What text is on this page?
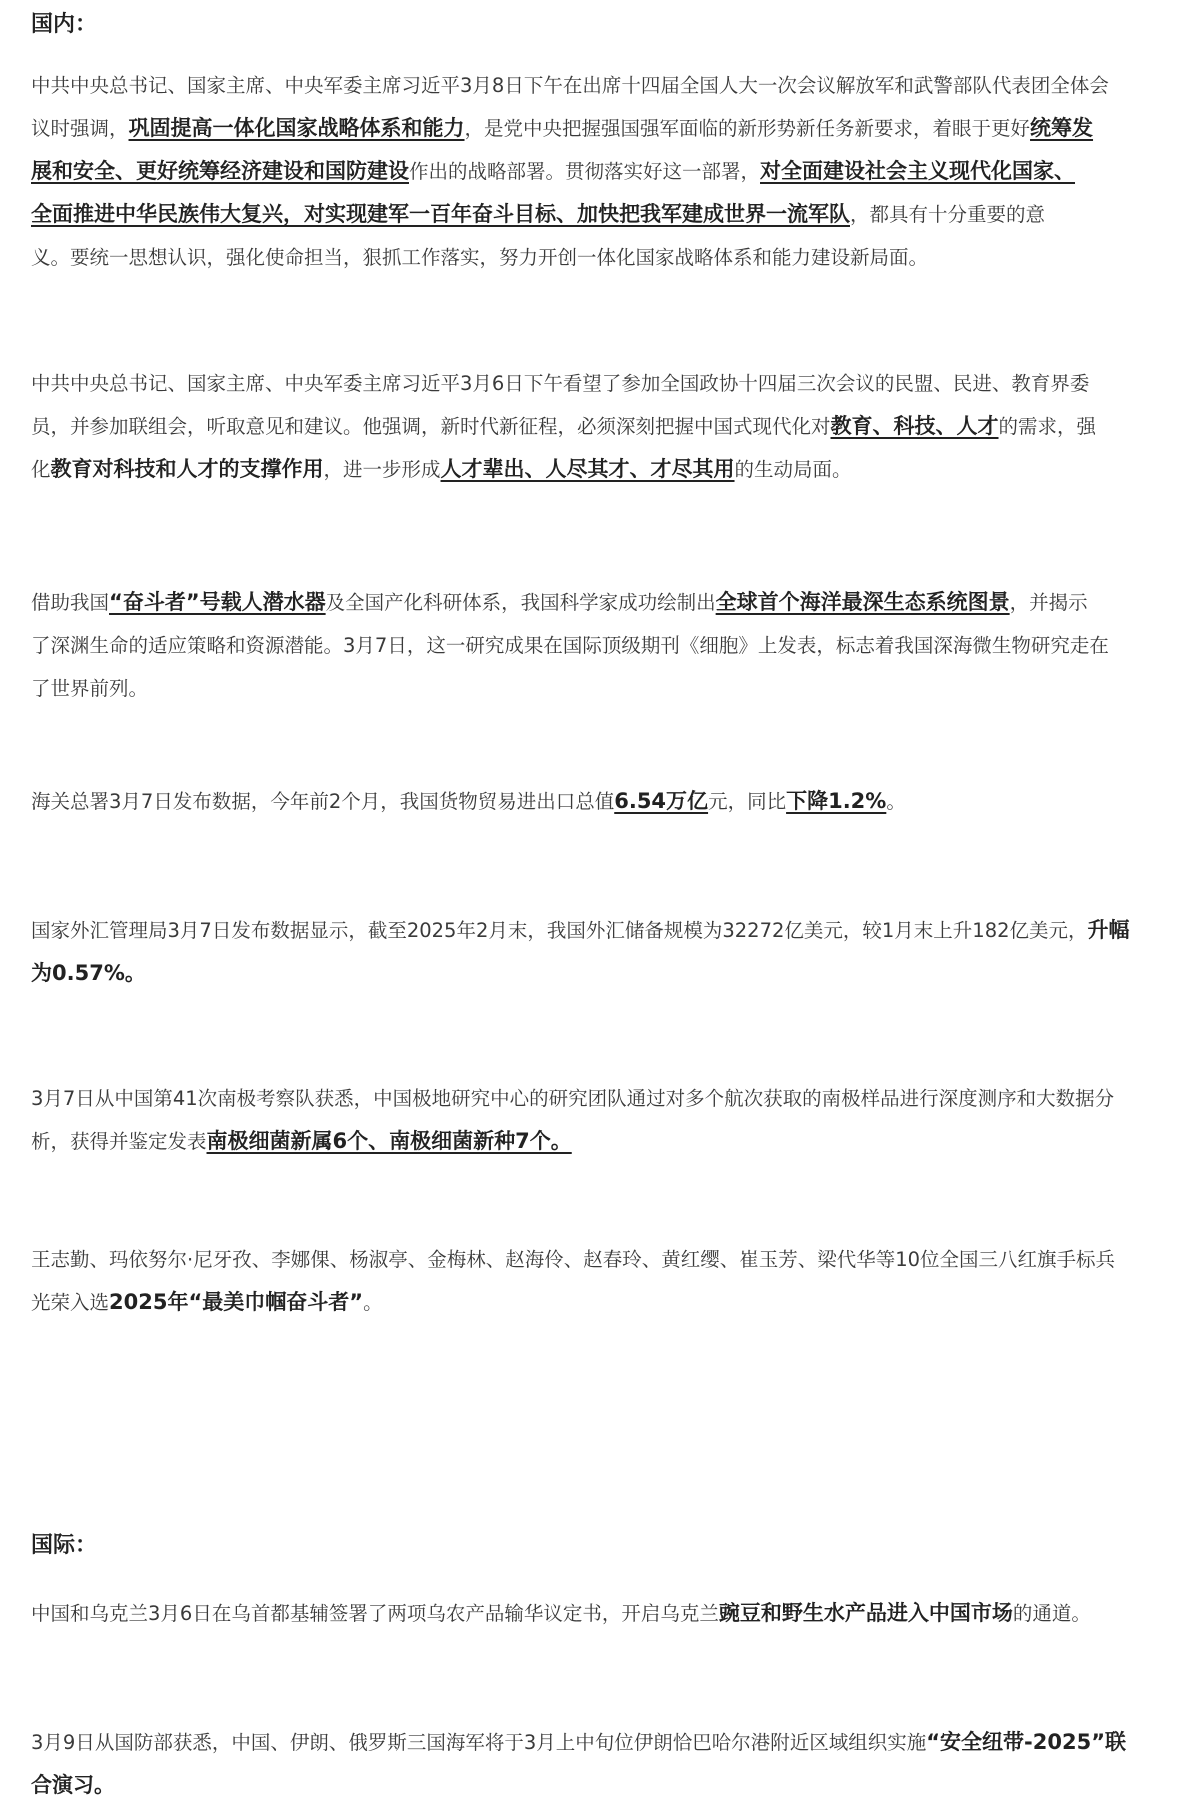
国内：
中共中央总书记、国家主席、中央军委主席习近平3月8日下午在出席十四届全国人大一次会议解放军和武警部队代表团全体会
议时强调，巩固提高一体化国家战略体系和能力，是党中央把握强国强军面临的新形势新任务新要求，着眼于更好统筹发
展和安全、更好统筹经济建设和国防建设作出的战略部署。贯彻落实好这一部署，对全面建设社会主义现代化国家、
全面推进中华民族伟大复兴，对实现建军一百年奋斗目标、加快把我军建成世界一流军队，都具有十分重要的意
义。要统一思想认识，强化使命担当，狠抓工作落实，努力开创一体化国家战略体系和能力建设新局面。
中共中央总书记、国家主席、中央军委主席习近平3月6日下午看望了参加全国政协十四届三次会议的民盟、民进、教育界委
员，并参加联组会，听取意见和建议。他强调，新时代新征程，必须深刻把握中国式现代化对教育、科技、人才的需求，强
化教育对科技和人才的支撑作用，进一步形成人才辈出、人尽其才、才尽其用的生动局面。
借助我国“奋斗者”号载人潜水器及全国产化科研体系，我国科学家成功绘制出全球首个海洋最深生态系统图景，并揭示
了深渊生命的适应策略和资源潜能。3月7日，这一研究成果在国际顶级期刊《细胞》上发表，标志着我国深海微生物研究走在
了世界前列。
海关总署3月7日发布数据，今年前2个月，我国货物贸易进出口总值6.54万亿元，同比下降1.2%。
国家外汇管理局3月7日发布数据显示，截至2025年2月末，我国外汇储备规模为32272亿美元，较1月末上升182亿美元，升幅
为0.57%。
3月7日从中国第41次南极考察队获悉，中国极地研究中心的研究团队通过对多个航次获取的南极样品进行深度测序和大数据分
析，获得并鉴定发表南极细菌新属6个、南极细菌新种7个。
王志勤、玛依努尔·尼牙孜、李娜倮、杨淑亭、金梅林、赵海伶、赵春玲、黄红缨、崔玉芳、梁代华等10位全国三八红旗手标兵
光荣入选2025年“最美巾帼奋斗者”。
国际：
中国和乌克兰3月6日在乌首都基辅签署了两项乌农产品输华议定书，开启乌克兰豌豆和野生水产品进入中国市场的通道。
3月9日从国防部获悉，中国、伊朗、俄罗斯三国海军将于3月上中旬位伊朗恰巴哈尔港附近区域组织实施“安全纽带-2025”联
合演习。
